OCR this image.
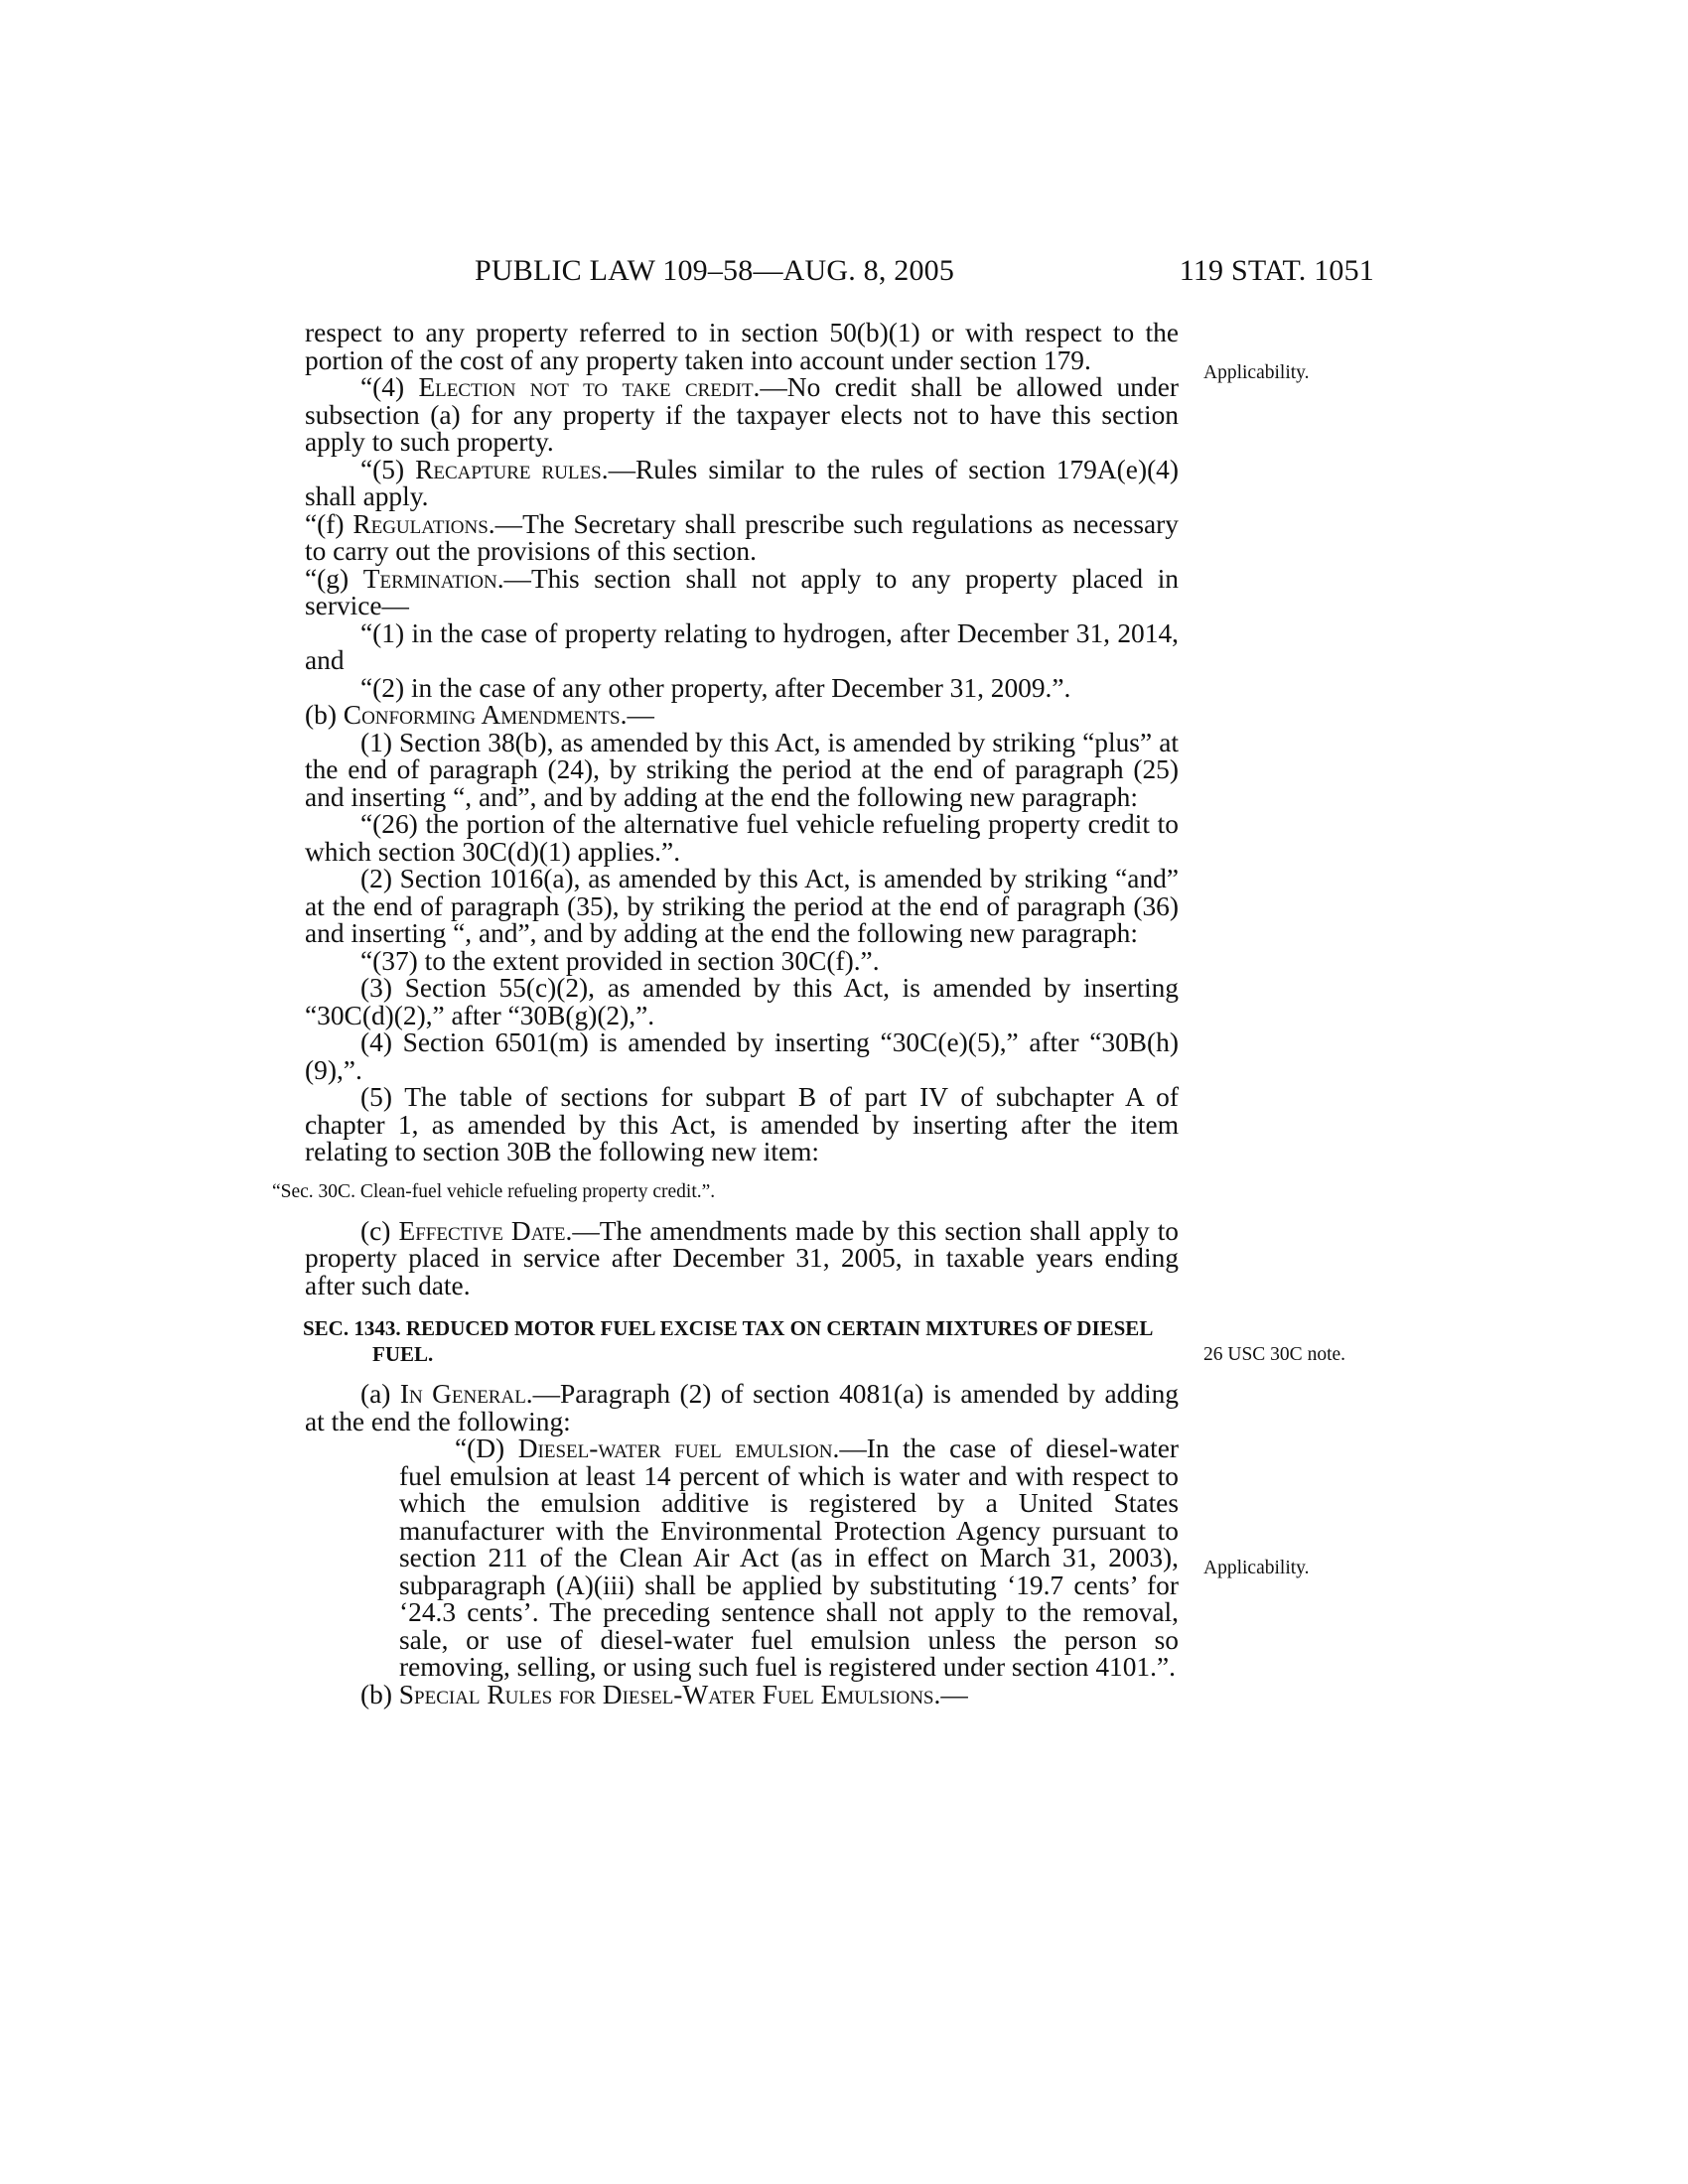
PUBLIC LAW 109–58—AUG. 8, 2005	119 STAT. 1051
Applicability.
26 USC 30C note.
Applicability.

respect to any property referred to in section 50(b)(1) or with respect to the portion of the cost of any property taken into account under section 179.

“(4) Election not to take credit.—No credit shall be allowed under subsection (a) for any property if the taxpayer elects not to have this section apply to such property.

“(5) Recapture rules.—Rules similar to the rules of section 179A(e)(4) shall apply.

“(f) Regulations.—The Secretary shall prescribe such regulations as necessary to carry out the provisions of this section.

“(g) Termination.—This section shall not apply to any property placed in service—

“(1) in the case of property relating to hydrogen, after December 31, 2014, and

“(2) in the case of any other property, after December 31, 2009.”.

(b) Conforming Amendments.—

(1) Section 38(b), as amended by this Act, is amended by striking “plus” at the end of paragraph (24), by striking the period at the end of paragraph (25) and inserting “, and”, and by adding at the end the following new paragraph:

“(26) the portion of the alternative fuel vehicle refueling property credit to which section 30C(d)(1) applies.”.

(2) Section 1016(a), as amended by this Act, is amended by striking “and” at the end of paragraph (35), by striking the period at the end of paragraph (36) and inserting “, and”, and by adding at the end the following new paragraph:

“(37) to the extent provided in section 30C(f).”.

(3) Section 55(c)(2), as amended by this Act, is amended by inserting “30C(d)(2),” after “30B(g)(2),”.

(4) Section 6501(m) is amended by inserting “30C(e)(5),” after “30B(h)(9),”.

(5) The table of sections for subpart B of part IV of subchapter A of chapter 1, as amended by this Act, is amended by inserting after the item relating to section 30B the following new item:

“Sec. 30C. Clean-fuel vehicle refueling property credit.”.

(c) Effective Date.—The amendments made by this section shall apply to property placed in service after December 31, 2005, in taxable years ending after such date.

SEC. 1343. REDUCED MOTOR FUEL EXCISE TAX ON CERTAIN MIXTURES OF DIESEL FUEL.

(a) In General.—Paragraph (2) of section 4081(a) is amended by adding at the end the following:

“(D) Diesel-water fuel emulsion.—In the case of diesel-water fuel emulsion at least 14 percent of which is water and with respect to which the emulsion additive is registered by a United States manufacturer with the Environmental Protection Agency pursuant to section 211 of the Clean Air Act (as in effect on March 31, 2003), subparagraph (A)(iii) shall be applied by substituting ‘19.7 cents’ for ‘24.3 cents’. The preceding sentence shall not apply to the removal, sale, or use of diesel-water fuel emulsion unless the person so removing, selling, or using such fuel is registered under section 4101.”.

(b) Special Rules for Diesel-Water Fuel Emulsions.—
